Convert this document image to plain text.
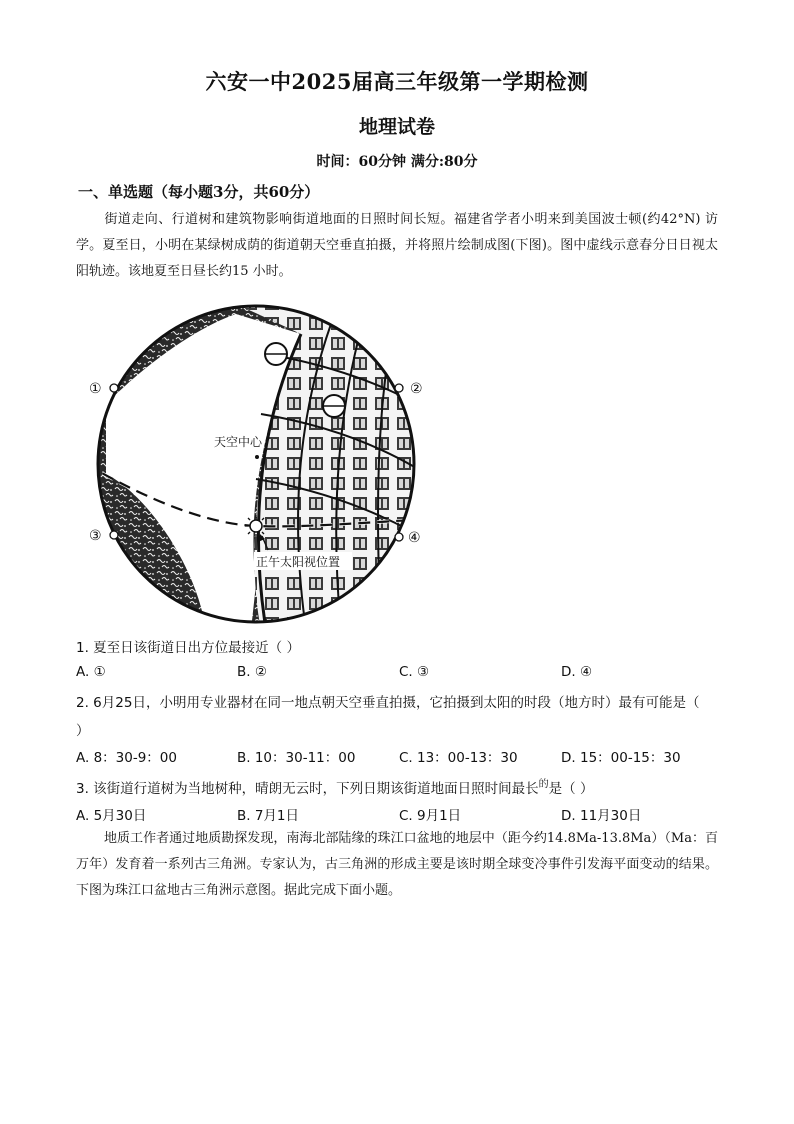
六安一中2025届高三年级第一学期检测
地理试卷
时间：60分钟 满分:80分
一、单选题（每小题3分，共60分）
街道走向、行道树和建筑物影响街道地面的日照时间长短。福建省学者小明来到美国波士顿(约42°N) 访学。夏至日，小明在某绿树成荫的街道朝天空垂直拍摄，并将照片绘制成图(下图)。图中虚线示意春分日日视太阳轨迹。该地夏至日昼长约15 小时。
天空中心
正午太阳视位置
①	②
③	④
1. 夏至日该街道日出方位最接近（ ）
A. ①	B. ②	C. ③	D. ④
2. 6月25日，小明用专业器材在同一地点朝天空垂直拍摄，它拍摄到太阳的时段（地方时）最有可能是（
）
A. 8：30-9：00	B. 10：30-11：00	C. 13：00-13：30	D. 15：00-15：30
3. 该街道行道树为当地树种，晴朗无云时，下列日期该街道地面日照时间最长$^的$是（ ）
A. 5月30日	B. 7月1日	C. 9月1日	D. 11月30日
地质工作者通过地质勘探发现，南海北部陆缘的珠江口盆地的地层中（距今约14.8Ma-13.8Ma）（Ma：百万年）发育着一系列古三角洲。专家认为，古三角洲的形成主要是该时期全球变冷事件引发海平面变动的结果。下图为珠江口盆地古三角洲示意图。据此完成下面小题。
